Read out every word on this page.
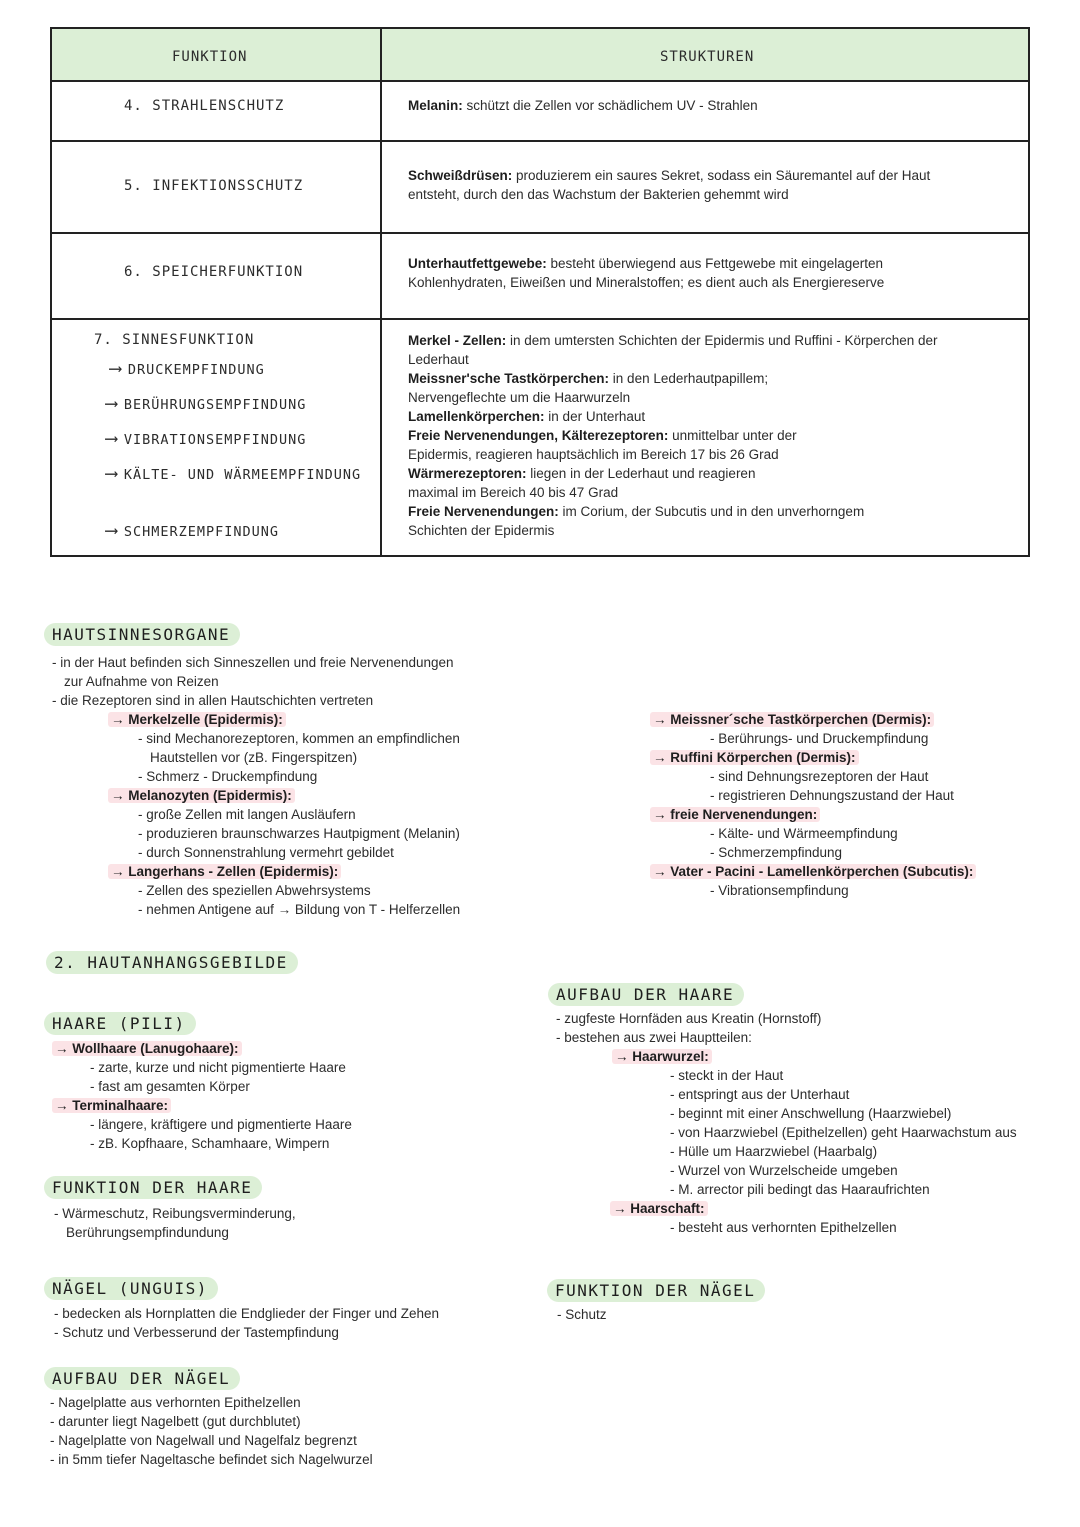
FUNKTION	STRUKTUREN
4. STRAHLENSCHUTZ	Melanin: schützt die Zellen vor schädlichem UV - Strahlen
5. INFEKTIONSSCHUTZ
Schweißdrüsen: produzierem ein saures Sekret, sodass ein Säuremantel auf der Haut entsteht, durch den das Wachstum der Bakterien gehemmt wird
6. SPEICHERFUNKTION
Unterhautfettgewebe: besteht überwiegend aus Fettgewebe mit eingelagerten Kohlenhydraten, Eiweißen und Mineralstoffen; es dient auch als Energiereserve
7. SINNESFUNKTION
⟶ DRUCKEMPFINDUNG
⟶ BERÜHRUNGSEMPFINDUNG
⟶ VIBRATIONSEMPFINDUNG
⟶ KÄLTE- UND WÄRMEEMPFINDUNG
⟶ SCHMERZEMPFINDUNG
Merkel - Zellen: in dem umtersten Schichten der Epidermis und Ruffini - Körperchen der Lederhaut
Meissner'sche Tastkörperchen: in den Lederhautpapillem; Nervengeflechte um die Haarwurzeln
Lamellenkörperchen: in der Unterhaut
Freie Nervenendungen, Kälterezeptoren: unmittelbar unter der Epidermis, reagieren hauptsächlich im Bereich 17 bis 26 Grad
Wärmerezeptoren: liegen in der Lederhaut und reagieren maximal im Bereich 40 bis 47 Grad
Freie Nervenendungen: im Corium, der Subcutis und in den unverhorngem Schichten der Epidermis
HAUTSINNESORGANE
- in der Haut befinden sich Sinneszellen und freie Nervenendungen
zur Aufnahme von Reizen
- die Rezeptoren sind in allen Hautschichten vertreten
→ Merkelzelle (Epidermis):
- sind Mechanorezeptoren, kommen an empfindlichen
Hautstellen vor (zB. Fingerspitzen)
- Schmerz - Druckempfindung
→ Melanozyten (Epidermis):
- große Zellen mit langen Ausläufern
- produzieren braunschwarzes Hautpigment (Melanin)
- durch Sonnenstrahlung vermehrt gebildet
→ Langerhans - Zellen (Epidermis):
- Zellen des speziellen Abwehrsystems
- nehmen Antigene auf → Bildung von T - Helferzellen
→ Meissner´sche Tastkörperchen (Dermis):
- Berührungs- und Druckempfindung
→ Ruffini Körperchen (Dermis):
- sind Dehnungsrezeptoren der Haut
- registrieren Dehnungszustand der Haut
→ freie Nervenendungen:
- Kälte- und Wärmeempfindung
- Schmerzempfindung
→ Vater - Pacini - Lamellenkörperchen (Subcutis):
- Vibrationsempfindung
2. HAUTANHANGSGEBILDE
HAARE (PILI)
→ Wollhaare (Lanugohaare):
- zarte, kurze und nicht pigmentierte Haare
- fast am gesamten Körper
→ Terminalhaare:
- längere, kräftigere und pigmentierte Haare
- zB. Kopfhaare, Schamhaare, Wimpern
FUNKTION DER HAARE
- Wärmeschutz, Reibungsverminderung,
Berührungsempfindundung
AUFBAU DER HAARE
- zugfeste Hornfäden aus Kreatin (Hornstoff)
- bestehen aus zwei Hauptteilen:
→ Haarwurzel:
- steckt in der Haut
- entspringt aus der Unterhaut
- beginnt mit einer Anschwellung (Haarzwiebel)
- von Haarzwiebel (Epithelzellen) geht Haarwachstum aus
- Hülle um Haarzwiebel (Haarbalg)
- Wurzel von Wurzelscheide umgeben
- M. arrector pili bedingt das Haaraufrichten
→ Haarschaft:
- besteht aus verhornten Epithelzellen
NÄGEL (UNGUIS)
- bedecken als Hornplatten die Endglieder der Finger und Zehen
- Schutz und Verbesserund der Tastempfindung
FUNKTION DER NÄGEL
- Schutz
AUFBAU DER NÄGEL
- Nagelplatte aus verhornten Epithelzellen
- darunter liegt Nagelbett (gut durchblutet)
- Nagelplatte von Nagelwall und Nagelfalz begrenzt
- in 5mm tiefer Nageltasche befindet sich Nagelwurzel
